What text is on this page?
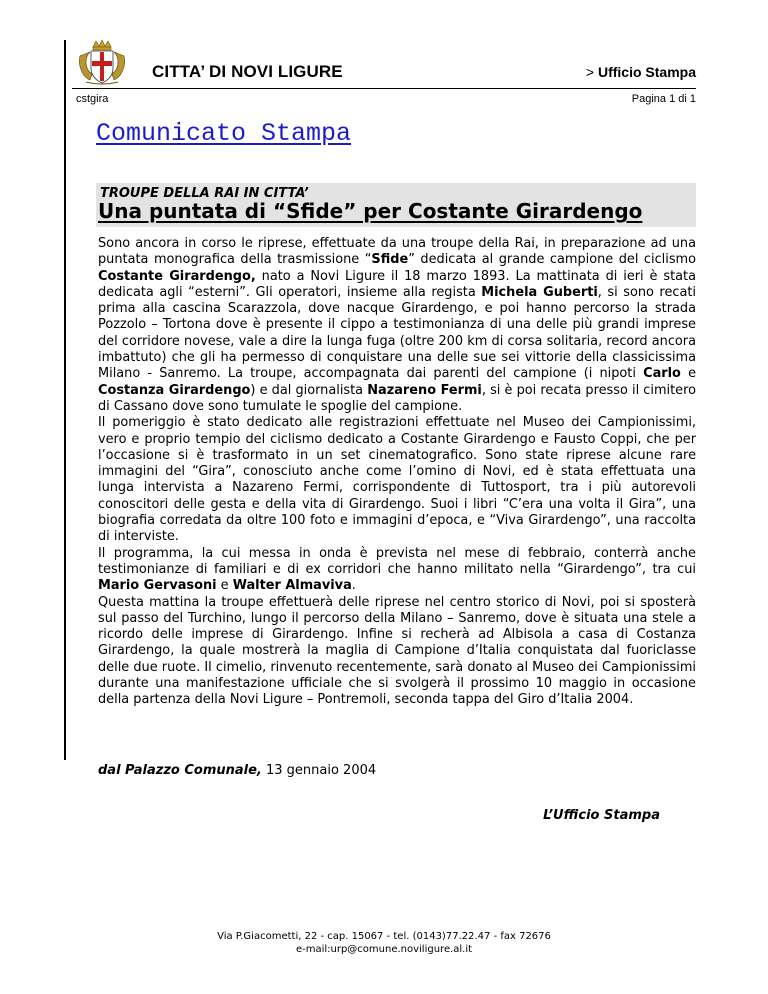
CITTA’ DI NOVI LIGURE	> Ufficio Stampa
cstgira	Pagina 1 di 1
Comunicato Stampa
TROUPE DELLA RAI IN CITTA’
Una puntata di “Sfide” per Costante Girardengo

Sono ancora in corso le riprese, effettuate da una troupe della Rai, in preparazione ad una puntata monografica della trasmissione “Sfide” dedicata al grande campione del ciclismo Costante Girardengo, nato a Novi Ligure il 18 marzo 1893. La mattinata di ieri è stata dedicata agli “esterni”. Gli operatori, insieme alla regista Michela Guberti, si sono recati prima alla cascina Scarazzola, dove nacque Girardengo, e poi hanno percorso la strada Pozzolo – Tortona dove è presente il cippo a testimonianza di una delle più grandi imprese del corridore novese, vale a dire la lunga fuga (oltre 200 km di corsa solitaria, record ancora imbattuto) che gli ha permesso di conquistare una delle sue sei vittorie della classicissima Milano - Sanremo. La troupe, accompagnata dai parenti del campione (i nipoti Carlo e Costanza Girardengo) e dal giornalista Nazareno Fermi, si è poi recata presso il cimitero di Cassano dove sono tumulate le spoglie del campione.

Il pomeriggio è stato dedicato alle registrazioni effettuate nel Museo dei Campionissimi, vero e proprio tempio del ciclismo dedicato a Costante Girardengo e Fausto Coppi, che per l’occasione si è trasformato in un set cinematografico. Sono state riprese alcune rare immagini del “Gira”, conosciuto anche come l’omino di Novi, ed è stata effettuata una lunga intervista a Nazareno Fermi, corrispondente di Tuttosport, tra i più autorevoli conoscitori delle gesta e della vita di Girardengo. Suoi i libri “C’era una volta il Gira”, una biografia corredata da oltre 100 foto e immagini d’epoca, e “Viva Girardengo”, una raccolta di interviste.

Il programma, la cui messa in onda è prevista nel mese di febbraio, conterrà anche testimonianze di familiari e di ex corridori che hanno militato nella “Girardengo”, tra cui Mario Gervasoni e Walter Almaviva.

Questa mattina la troupe effettuerà delle riprese nel centro storico di Novi, poi si sposterà sul passo del Turchino, lungo il percorso della Milano – Sanremo, dove è situata una stele a ricordo delle imprese di Girardengo. Infine si recherà ad Albisola a casa di Costanza Girardengo, la quale mostrerà la maglia di Campione d’Italia conquistata dal fuoriclasse delle due ruote. Il cimelio, rinvenuto recentemente, sarà donato al Museo dei Campionissimi durante una manifestazione ufficiale che si svolgerà il prossimo 10 maggio in occasione della partenza della Novi Ligure – Pontremoli, seconda tappa del Giro d’Italia 2004.

dal Palazzo Comunale, 13 gennaio 2004
L’Ufficio Stampa
Via P.Giacometti, 22 - cap. 15067 - tel. (0143)77.22.47 - fax 72676
e-mail:urp@comune.noviligure.al.it
